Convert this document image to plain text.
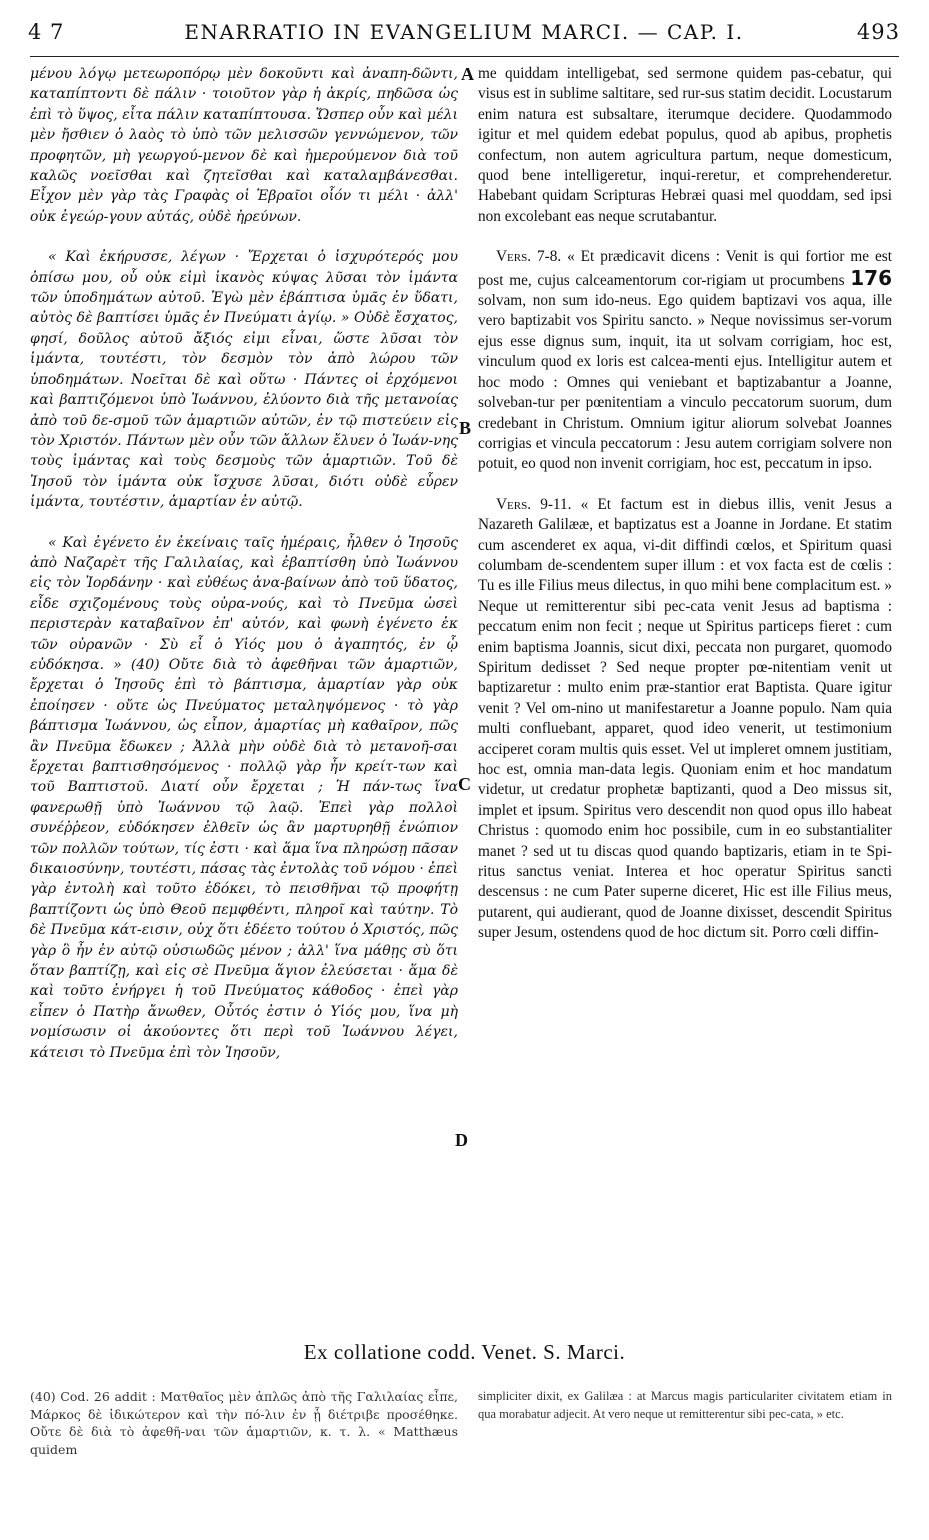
4 7	ENARRATIO IN EVANGELIUM MARCI. — CAP. I.	493

μένου λόγῳ μετεωροπόρῳ μὲν δοκοῦντι καὶ ἀναπη-δῶντι, καταπίπτοντι δὲ πάλιν · τοιοῦτον γὰρ ἡ ἀκρίς, πηδῶσα ὡς ἐπὶ τὸ ὕψος, εἶτα πάλιν καταπίπτουσα. Ὥσπερ οὖν καὶ μέλι μὲν ἤσθιεν ὁ λαὸς τὸ ὑπὸ τῶν μελισσῶν γεννώμενον, τῶν προφητῶν, μὴ γεωργού-μενον δὲ καὶ ἡμερούμενον διὰ τοῦ καλῶς νοεῖσθαι καὶ ζητεῖσθαι καὶ καταλαμβάνεσθαι. Εἶχον μὲν γὰρ τὰς Γραφὰς οἱ Ἑβραῖοι οἷόν τι μέλι · ἀλλ' οὐκ ἐγεώρ-γουν αὐτάς, οὐδὲ ἠρεύνων.

« Καὶ ἐκήρυσσε, λέγων · Ἔρχεται ὁ ἰσχυρότερός μου ὀπίσω μου, οὗ οὐκ εἰμὶ ἱκανὸς κύψας λῦσαι τὸν ἱμάντα τῶν ὑποδημάτων αὐτοῦ. Ἐγὼ μὲν ἐβάπτισα ὑμᾶς ἐν ὕδατι, αὐτὸς δὲ βαπτίσει ὑμᾶς ἐν Πνεύματι ἁγίῳ. » Οὐδὲ ἔσχατος, φησί, δοῦλος αὐτοῦ ἄξιός εἰμι εἶναι, ὥστε λῦσαι τὸν ἱμάντα, τουτέστι, τὸν δεσμὸν τὸν ἀπὸ λώρου τῶν ὑποδημάτων. Νοεῖται δὲ καὶ οὕτω · Πάντες οἱ ἐρχόμενοι καὶ βαπτιζόμενοι ὑπὸ Ἰωάννου, ἐλύοντο διὰ τῆς μετανοίας ἀπὸ τοῦ δε-σμοῦ τῶν ἁμαρτιῶν αὐτῶν, ἐν τῷ πιστεύειν εἰς τὸν Χριστόν. Πάντων μὲν οὖν τῶν ἄλλων ἔλυεν ὁ Ἰωάν-νης τοὺς ἱμάντας καὶ τοὺς δεσμοὺς τῶν ἁμαρτιῶν. Τοῦ δὲ Ἰησοῦ τὸν ἱμάντα οὐκ ἴσχυσε λῦσαι, διότι οὐδὲ εὗρεν ἱμάντα, τουτέστιν, ἁμαρτίαν ἐν αὐτῷ.

« Καὶ ἐγένετο ἐν ἐκείναις ταῖς ἡμέραις, ἦλθεν ὁ Ἰησοῦς ἀπὸ Ναζαρὲτ τῆς Γαλιλαίας, καὶ ἐβαπτίσθη ὑπὸ Ἰωάννου εἰς τὸν Ἰορδάνην · καὶ εὐθέως ἀνα-βαίνων ἀπὸ τοῦ ὕδατος, εἶδε σχιζομένους τοὺς οὐρα-νούς, καὶ τὸ Πνεῦμα ὡσεὶ περιστερὰν καταβαῖνον ἐπ' αὐτόν, καὶ φωνὴ ἐγένετο ἐκ τῶν οὐρανῶν · Σὺ εἶ ὁ Υἱός μου ὁ ἀγαπητός, ἐν ᾧ εὐδόκησα. » (40) Οὔτε διὰ τὸ ἀφεθῆναι τῶν ἁμαρτιῶν, ἔρχεται ὁ Ἰησοῦς ἐπὶ τὸ βάπτισμα, ἁμαρτίαν γὰρ οὐκ ἐποίησεν · οὔτε ὡς Πνεύματος μεταληψόμενος · τὸ γὰρ βάπτισμα Ἰωάννου, ὡς εἶπον, ἁμαρτίας μὴ καθαῖρον, πῶς ἂν Πνεῦμα ἔδωκεν ; Ἀλλὰ μὴν οὐδὲ διὰ τὸ μετανοῆ-σαι ἔρχεται βαπτισθησόμενος · πολλῷ γὰρ ἦν κρείτ-των καὶ τοῦ Βαπτιστοῦ. Διατί οὖν ἔρχεται ; Ἡ πάν-τως ἵνα φανερωθῇ ὑπὸ Ἰωάννου τῷ λαῷ. Ἐπεὶ γὰρ πολλοὶ συνέῤῥεον, εὐδόκησεν ἐλθεῖν ὡς ἂν μαρτυρηθῇ ἐνώπιον τῶν πολλῶν τούτων, τίς ἐστι · καὶ ἅμα ἵνα πληρώσῃ πᾶσαν δικαιοσύνην, τουτέστι, πάσας τὰς ἐντολὰς τοῦ νόμου · ἐπεὶ γὰρ ἐντολὴ καὶ τοῦτο ἐδόκει, τὸ πεισθῆναι τῷ προφήτῃ βαπτίζοντι ὡς ὑπὸ Θεοῦ πεμφθέντι, πληροῖ καὶ ταύτην. Τὸ δὲ Πνεῦμα κάτ-εισιν, οὐχ ὅτι ἐδέετο τούτου ὁ Χριστός, πῶς γὰρ ὃ ἦν ἐν αὐτῷ οὐσιωδῶς μένον ; ἀλλ' ἵνα μάθῃς σὺ ὅτι ὅταν βαπτίζῃ, καὶ εἰς σὲ Πνεῦμα ἅγιον ἐλεύσεται · ἅμα δὲ καὶ τοῦτο ἐνήργει ἡ τοῦ Πνεύματος κάθοδος · ἐπεὶ γὰρ εἶπεν ὁ Πατὴρ ἄνωθεν, Οὗτός ἐστιν ὁ Υἱός μου, ἵνα μὴ νομίσωσιν οἱ ἀκούοντες ὅτι περὶ τοῦ Ἰωάννου λέγει, κάτεισι τὸ Πνεῦμα ἐπὶ τὸν Ἰησοῦν,

A
B
C
D

me quiddam intelligebat, sed sermone quidem pas-cebatur, qui visus est in sublime saltitare, sed rur-sus statim decidit. Locustarum enim natura est subsaltare, iterumque decidere. Quodammodo igitur et mel quidem edebat populus, quod ab apibus, prophetis confectum, non autem agricultura partum, neque domesticum, quod bene intelligeretur, inqui-reretur, et comprehenderetur. Habebant quidam Scripturas Hebræi quasi mel quoddam, sed ipsi non excolebant eas neque scrutabantur.

Vers. 7-8. « Et prædicavit dicens : Venit is qui fortior me est post me, cujus calceamentorum cor-rigiam ut procumbens 176 solvam, non sum ido-neus. Ego quidem baptizavi vos aqua, ille vero baptizabit vos Spiritu sancto. » Neque novissimus ser-vorum ejus esse dignus sum, inquit, ita ut solvam corrigiam, hoc est, vinculum quod ex loris est calcea-menti ejus. Intelligitur autem et hoc modo : Omnes qui veniebant et baptizabantur a Joanne, solveban-tur per pœnitentiam a vinculo peccatorum suorum, dum credebant in Christum. Omnium igitur aliorum solvebat Joannes corrigias et vincula peccatorum : Jesu autem corrigiam solvere non potuit, eo quod non invenit corrigiam, hoc est, peccatum in ipso.

Vers. 9-11. « Et factum est in diebus illis, venit Jesus a Nazareth Galilææ, et baptizatus est a Joanne in Jordane. Et statim cum ascenderet ex aqua, vi-dit diffindi cœlos, et Spiritum quasi columbam de-scendentem super illum : et vox facta est de cœlis : Tu es ille Filius meus dilectus, in quo mihi bene complacitum est. » Neque ut remitterentur sibi pec-cata venit Jesus ad baptisma : peccatum enim non fecit ; neque ut Spiritus particeps fieret : cum enim baptisma Joannis, sicut dixi, peccata non purgaret, quomodo Spiritum dedisset ? Sed neque propter pœ-nitentiam venit ut baptizaretur : multo enim præ-stantior erat Baptista. Quare igitur venit ? Vel om-nino ut manifestaretur a Joanne populo. Nam quia multi confluebant, apparet, quod ideo venerit, ut testimonium acciperet coram multis quis esset. Vel ut impleret omnem justitiam, hoc est, omnia man-data legis. Quoniam enim et hoc mandatum videtur, ut credatur prophetæ baptizanti, quod a Deo missus sit, implet et ipsum. Spiritus vero descendit non quod opus illo habeat Christus : quomodo enim hoc possibile, cum in eo substantialiter manet ? sed ut tu discas quod quando baptizaris, etiam in te Spi-ritus sanctus veniat. Interea et hoc operatur Spiritus sancti descensus : ne cum Pater superne diceret, Hic est ille Filius meus, putarent, qui audierant, quod de Joanne dixisset, descendit Spiritus super Jesum, ostendens quod de hoc dictum sit. Porro cœli diffin-

Ex collatione codd. Venet. S. Marci.

(40) Cod. 26 addit : Ματθαῖος μὲν ἁπλῶς ἀπὸ τῆς Γαλιλαίας εἶπε, Μάρκος δὲ ἰδικώτερον καὶ τὴν πό-λιν ἐν ᾗ διέτριβε προσέθηκε. Οὔτε δὲ διὰ τὸ ἀφεθῆ-ναι τῶν ἁμαρτιῶν, κ. τ. λ. « Matthæus quidem

simpliciter dixit, ex Galilæa : at Marcus magis particulariter civitatem etiam in qua morabatur adjecit. At vero neque ut remitterentur sibi pec-cata, » etc.
